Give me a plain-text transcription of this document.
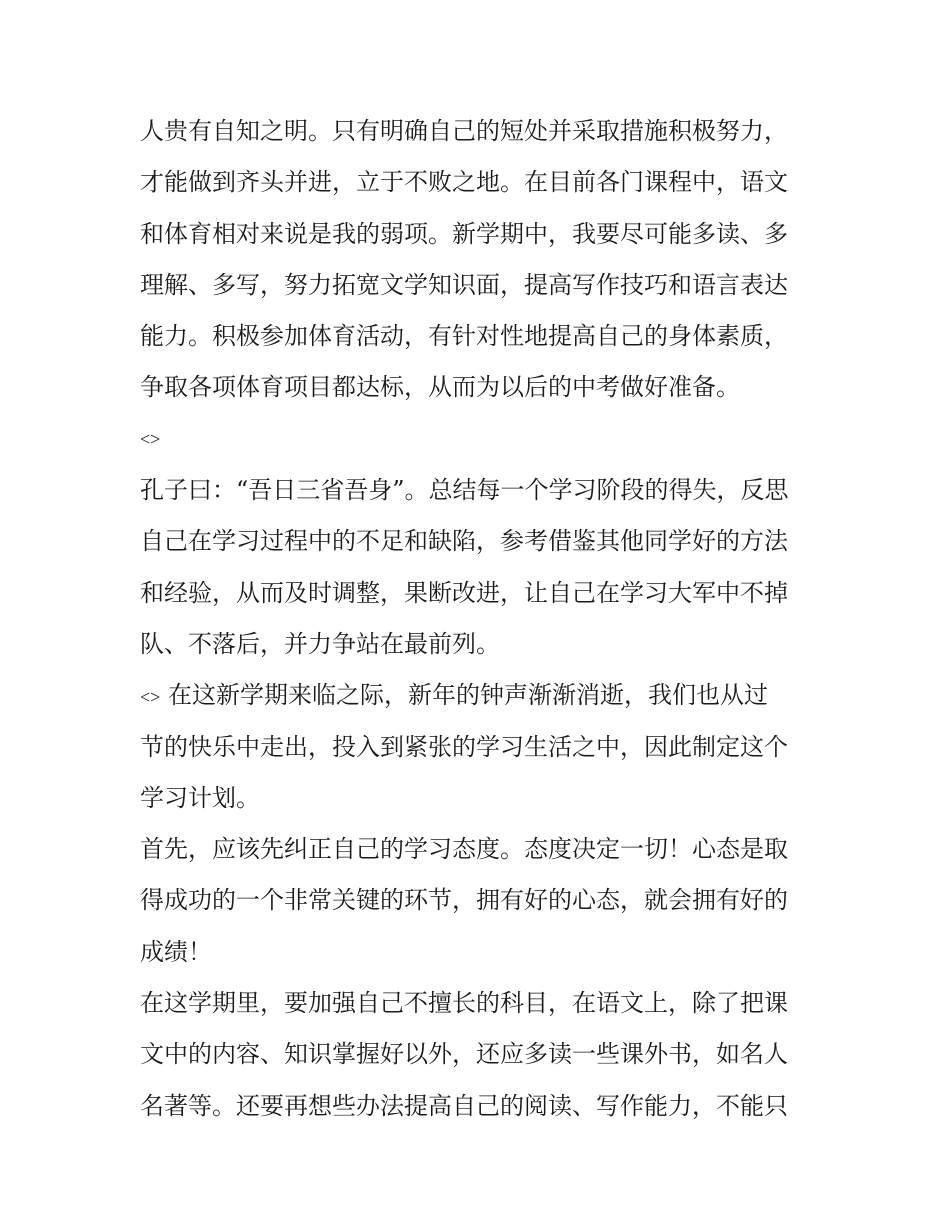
人贵有自知之明。只有明确自己的短处并采取措施积极努力，
才能做到齐头并进，立于不败之地。在目前各门课程中，语文
和体育相对来说是我的弱项。新学期中，我要尽可能多读、多
理解、多写，努力拓宽文学知识面，提高写作技巧和语言表达
能力。积极参加体育活动，有针对性地提高自己的身体素质，
争取各项体育项目都达标，从而为以后的中考做好准备。
<>
孔子曰：“吾日三省吾身”。总结每一个学习阶段的得失，反思
自己在学习过程中的不足和缺陷，参考借鉴其他同学好的方法
和经验，从而及时调整，果断改进，让自己在学习大军中不掉
队、不落后，并力争站在最前列。
<> 在这新学期来临之际，新年的钟声渐渐消逝，我们也从过
节的快乐中走出，投入到紧张的学习生活之中，因此制定这个
学习计划。
首先，应该先纠正自己的学习态度。态度决定一切！心态是取
得成功的一个非常关键的环节，拥有好的心态，就会拥有好的
成绩！
在这学期里，要加强自己不擅长的科目，在语文上，除了把课
文中的内容、知识掌握好以外，还应多读一些课外书，如名人
名著等。还要再想些办法提高自己的阅读、写作能力，不能只
